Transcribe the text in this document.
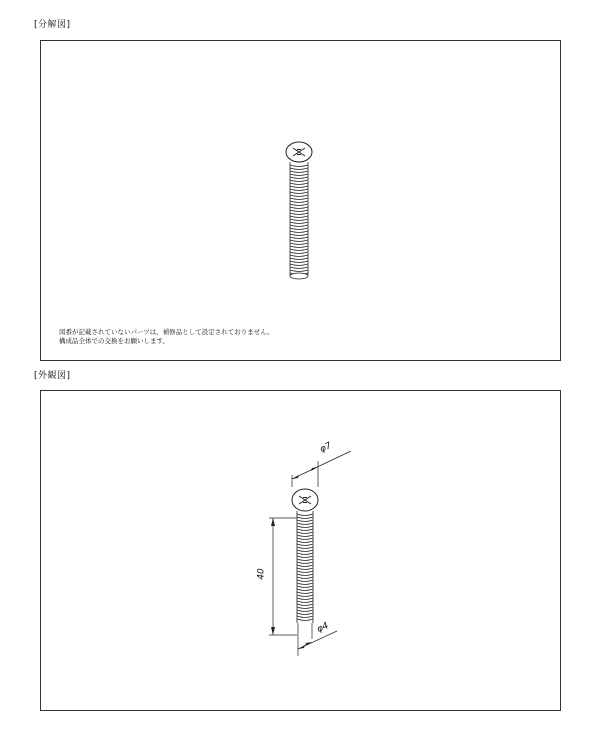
[分解図]
図番が記載されていないパーツは、補修品として設定されておりません。
構成品全体での交換をお願いします。
[外観図]
φ7
40
φ4
